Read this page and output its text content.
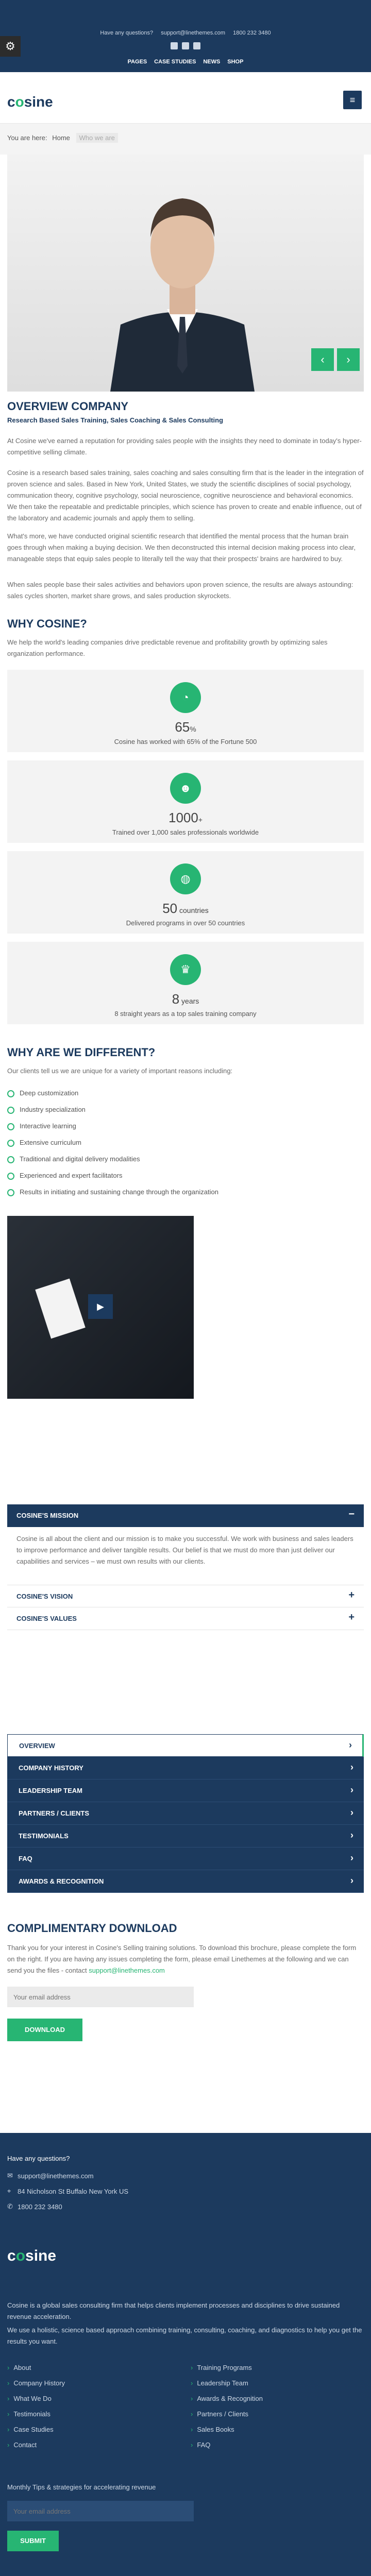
Have any questions? support@linethemes.com 1800 232 3480

⚙
PAGES CASE STUDIES NEWS SHOP
cosine	≡
You are here: Home Who we are
‹	›
OVERVIEW COMPANY
Research Based Sales Training, Sales Coaching & Sales Consulting
At Cosine we've earned a reputation for providing sales people with the insights they need to dominate in today's hyper-competitive selling climate.
Cosine is a research based sales training, sales coaching and sales consulting firm that is the leader in the integration of proven science and sales. Based in New York, United States, we study the scientific disciplines of social psychology, communication theory, cognitive psychology, social neuroscience, cognitive neuroscience and behavioral economics. We then take the repeatable and predictable principles, which science has proven to create and enable influence, out of the laboratory and academic journals and apply them to selling.
What's more, we have conducted original scientific research that identified the mental process that the human brain goes through when making a buying decision. We then deconstructed this internal decision making process into clear, manageable steps that equip sales people to literally tell the way that their prospects' brains are hardwired to buy.
When sales people base their sales activities and behaviors upon proven science, the results are always astounding: sales cycles shorten, market share grows, and sales production skyrockets.
WHY COSINE?
We help the world's leading companies drive predictable revenue and profitability growth by optimizing sales organization performance.
◔
65%
Cosine has worked with 65% of the Fortune 500
☻
1000+
Trained over 1,000 sales professionals worldwide
◍
50 countries
Delivered programs in over 50 countries
♛
8 years
8 straight years as a top sales training company
WHY ARE WE DIFFERENT?
Our clients tell us we are unique for a variety of important reasons including:
Deep customization
Industry specialization
Interactive learning
Extensive curriculum
Traditional and digital delivery modalities
Experienced and expert facilitators
Results in initiating and sustaining change through the organization
▶
COSINE'S MISSION	−
Cosine is all about the client and our mission is to make you successful. We work with business and sales leaders to improve performance and deliver tangible results. Our belief is that we must do more than just deliver our capabilities and services – we must own results with our clients.
COSINE'S VISION	+
COSINE'S VALUES	+
OVERVIEW	›
COMPANY HISTORY	›
LEADERSHIP TEAM	›
PARTNERS / CLIENTS	›
TESTIMONIALS	›
FAQ	›
AWARDS & RECOGNITION	›
COMPLIMENTARY DOWNLOAD
Thank you for your interest in Cosine's Selling training solutions. To download this brochure, please complete the form on the right. If you are having any issues completing the form, please email Linethemes at the following and we can send you the files - contact support@linethemes.com
Your email address
DOWNLOAD
Have any questions?
support@linethemes.com
84 Nicholson St Buffalo New York US
1800 232 3480
✉
⌖
✆
cosine
Cosine is a global sales consulting firm that helps clients implement processes and disciplines to drive sustained revenue acceleration.
We use a holistic, science based approach combining training, consulting, coaching, and diagnostics to help you get the results you want.
› About
› Company History
› What We Do
› Testimonials
› Case Studies
› Contact
› Training Programs
› Leadership Team
› Awards & Recognition
› Partners / Clients
› Sales Books
› FAQ
Monthly Tips & strategies for accelerating revenue
Your email address
SUBMIT
